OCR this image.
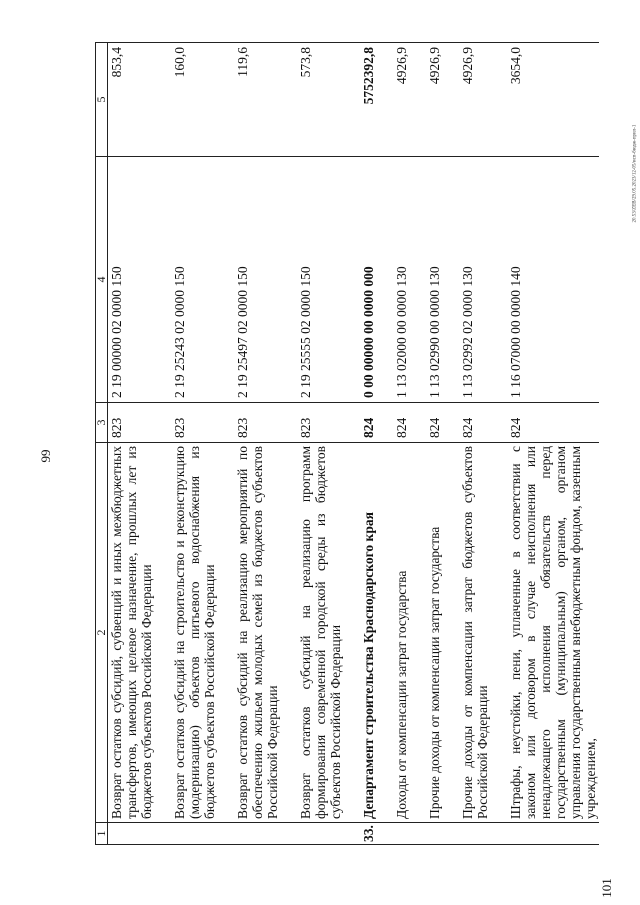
99
101
20.53/ZEB/29.05.2023/12-05/исп-бюдж-прил-1
1	2	3	4	5
	Возврат остатков субсидий, субвенций и иных межбюджетных трансфертов, имеющих целевое назначение, прошлых лет из бюджетов субъектов Российской Федерации	823	2 19 00000 02 0000 150	853,4

	Возврат остатков субсидий на строительство и реконструкцию (модернизацию) объектов питьевого водоснабжения из бюджетов субъектов Российской Федерации	823	2 19 25243 02 0000 150	160,0

	Возврат остатков субсидий на реализацию мероприятий по обеспечению жильем молодых семей из бюджетов субъектов Российской Федерации	823	2 19 25497 02 0000 150	119,6

	Возврат остатков субсидий на реализацию программ формирования современной городской среды из бюджетов субъектов Российской Федерации	823	2 19 25555 02 0000 150	573,8

33.	Департамент строительства Краснодарского края	824	0 00 00000 00 0000 000	5752392,8

	Доходы от компенсации затрат государства	824	1 13 02000 00 0000 130	4926,9

	Прочие доходы от компенсации затрат государства	824	1 13 02990 00 0000 130	4926,9

	Прочие доходы от компенсации затрат бюджетов субъектов Российской Федерации	824	1 13 02992 02 0000 130	4926,9

	Штрафы, неустойки, пени, уплаченные в соответствии с законом или договором в случае неисполнения или ненадлежащего исполнения обязательств перед государственным (муниципальным) органом, органом управления государственным внебюджетным фондом, казенным учреждением,	824	1 16 07000 00 0000 140	3654,0
